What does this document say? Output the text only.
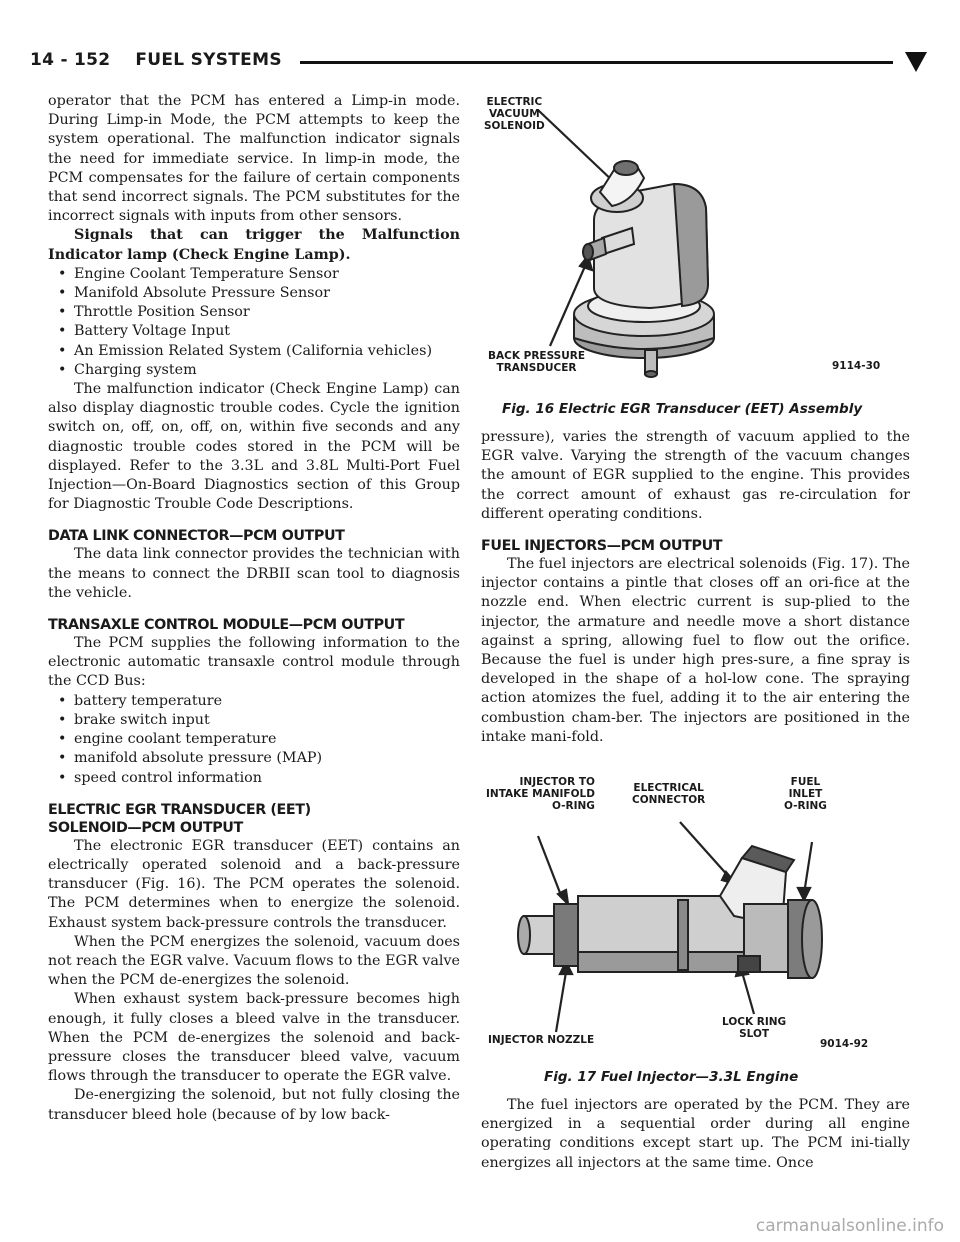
14 - 152 FUEL SYSTEMS

operator that the PCM has entered a Limp-in mode. During Limp-in Mode, the PCM attempts to keep the system operational. The malfunction indicator signals the need for immediate service. In limp-in mode, the PCM compensates for the failure of certain components that send incorrect signals. The PCM substitutes for the incorrect signals with inputs from other sensors.

Signals that can trigger the Malfunction Indicator lamp (Check Engine Lamp).

• Engine Coolant Temperature Sensor
• Manifold Absolute Pressure Sensor
• Throttle Position Sensor
• Battery Voltage Input
• An Emission Related System (California vehicles)
• Charging system

The malfunction indicator (Check Engine Lamp) can also display diagnostic trouble codes. Cycle the ignition switch on, off, on, off, on, within five seconds and any diagnostic trouble codes stored in the PCM will be displayed. Refer to the 3.3L and 3.8L Multi-Port Fuel Injection—On-Board Diagnostics section of this Group for Diagnostic Trouble Code Descriptions.

DATA LINK CONNECTOR—PCM OUTPUT

The data link connector provides the technician with the means to connect the DRBII scan tool to diagnosis the vehicle.

TRANSAXLE CONTROL MODULE—PCM OUTPUT

The PCM supplies the following information to the electronic automatic transaxle control module through the CCD Bus:

• battery temperature
• brake switch input
• engine coolant temperature
• manifold absolute pressure (MAP)
• speed control information
ELECTRIC EGR TRANSDUCER (EET) SOLENOID—PCM OUTPUT

The electronic EGR transducer (EET) contains an electrically operated solenoid and a back-pressure transducer (Fig. 16). The PCM operates the solenoid. The PCM determines when to energize the solenoid. Exhaust system back-pressure controls the transducer.

When the PCM energizes the solenoid, vacuum does not reach the EGR valve. Vacuum flows to the EGR valve when the PCM de-energizes the solenoid.

When exhaust system back-pressure becomes high enough, it fully closes a bleed valve in the transducer. When the PCM de-energizes the solenoid and back-pressure closes the transducer bleed valve, vacuum flows through the transducer to operate the EGR valve.

De-energizing the solenoid, but not fully closing the transducer bleed hole (because of by low back-

ELECTRIC
VACUUM
SOLENOID
BACK PRESSURE
TRANSDUCER	9114-30
Fig. 16 Electric EGR Transducer (EET) Assembly

pressure), varies the strength of vacuum applied to the EGR valve. Varying the strength of the vacuum changes the amount of EGR supplied to the engine. This provides the correct amount of exhaust gas re-circulation for different operating conditions.

FUEL INJECTORS—PCM OUTPUT

The fuel injectors are electrical solenoids (Fig. 17). The injector contains a pintle that closes off an ori-fice at the nozzle end. When electric current is sup-plied to the injector, the armature and needle move a short distance against a spring, allowing fuel to flow out the orifice. Because the fuel is under high pres-sure, a fine spray is developed in the shape of a hol-low cone. The spraying action atomizes the fuel, adding it to the air entering the combustion cham-ber. The injectors are positioned in the intake mani-fold.

INJECTOR TO
INTAKE MANIFOLD
O-RING
ELECTRICAL
CONNECTOR
FUEL
INLET
O-RING
INJECTOR NOZZLE
LOCK RING
SLOT
9014-92
Fig. 17 Fuel Injector—3.3L Engine

The fuel injectors are operated by the PCM. They are energized in a sequential order during all engine operating conditions except start up. The PCM ini-tially energizes all injectors at the same time. Once

carmanualsonline.info
